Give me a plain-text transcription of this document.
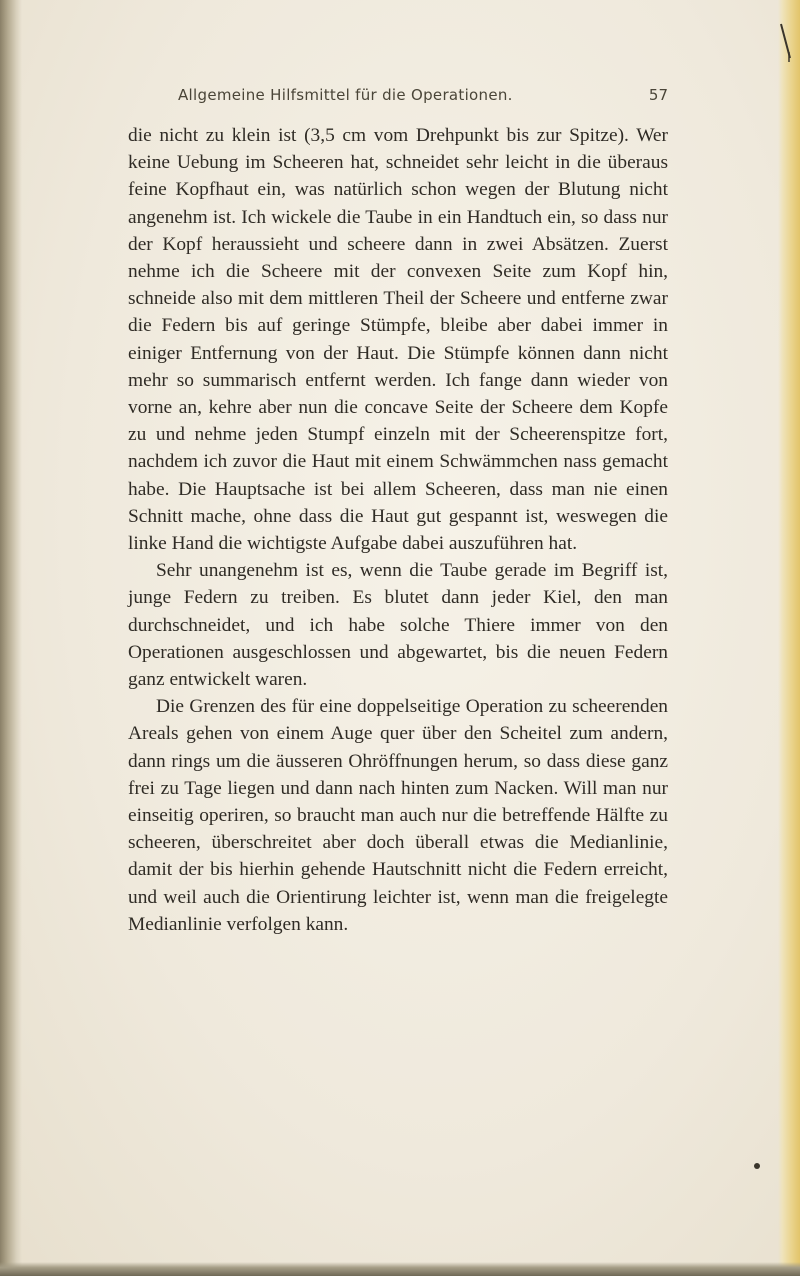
Allgemeine Hilfsmittel für die Operationen.	57

die nicht zu klein ist (3,5 cm vom Drehpunkt bis zur Spitze). Wer keine Uebung im Scheeren hat, schneidet sehr leicht in die überaus feine Kopfhaut ein, was natürlich schon wegen der Blutung nicht angenehm ist. Ich wickele die Taube in ein Handtuch ein, so dass nur der Kopf heraussieht und scheere dann in zwei Absätzen. Zuerst nehme ich die Scheere mit der convexen Seite zum Kopf hin, schneide also mit dem mittleren Theil der Scheere und entferne zwar die Federn bis auf geringe Stümpfe, bleibe aber dabei immer in einiger Entfernung von der Haut. Die Stümpfe können dann nicht mehr so summarisch entfernt werden. Ich fange dann wieder von vorne an, kehre aber nun die concave Seite der Scheere dem Kopfe zu und nehme jeden Stumpf einzeln mit der Scheerenspitze fort, nachdem ich zuvor die Haut mit einem Schwämmchen nass gemacht habe. Die Hauptsache ist bei allem Scheeren, dass man nie einen Schnitt mache, ohne dass die Haut gut gespannt ist, weswegen die linke Hand die wichtigste Aufgabe dabei auszuführen hat.

Sehr unangenehm ist es, wenn die Taube gerade im Begriff ist, junge Federn zu treiben. Es blutet dann jeder Kiel, den man durchschneidet, und ich habe solche Thiere immer von den Operationen ausgeschlossen und abgewartet, bis die neuen Federn ganz entwickelt waren.

Die Grenzen des für eine doppelseitige Operation zu scheerenden Areals gehen von einem Auge quer über den Scheitel zum andern, dann rings um die äusseren Ohröffnungen herum, so dass diese ganz frei zu Tage liegen und dann nach hinten zum Nacken. Will man nur einseitig operiren, so braucht man auch nur die betreffende Hälfte zu scheeren, überschreitet aber doch überall etwas die Medianlinie, damit der bis hierhin gehende Hautschnitt nicht die Federn erreicht, und weil auch die Orientirung leichter ist, wenn man die freigelegte Medianlinie verfolgen kann.
